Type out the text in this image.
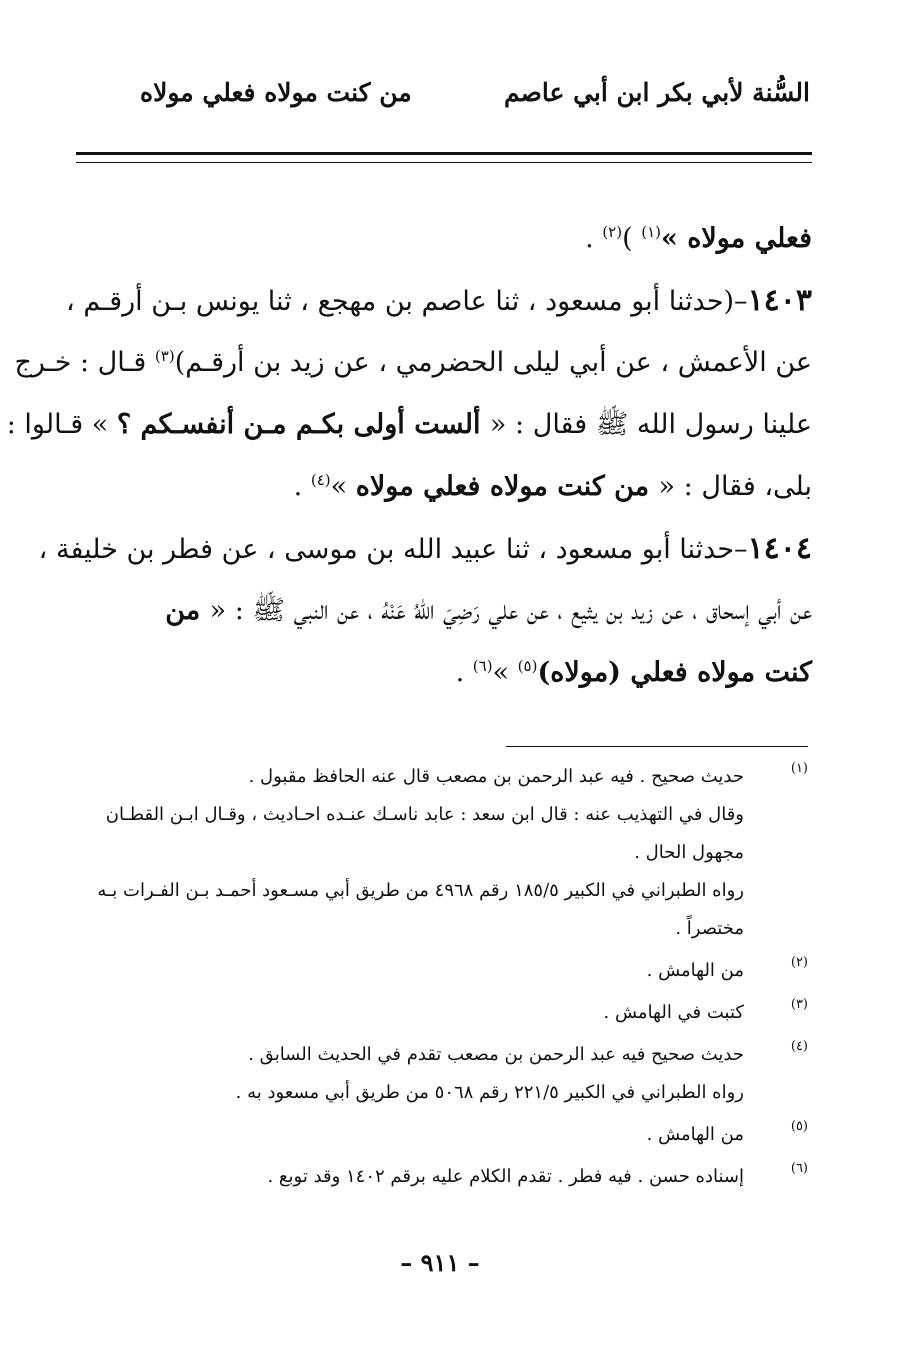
السُّنة لأبي بكر ابن أبي عاصم
من كنت مولاه فعلي مولاه
فعلي مولاه »$^{(١)}$ )$^{(٢)}$ .
١٤٠٣–(حدثنا أبو مسعود ، ثنا عاصم بن مهجع ، ثنا يونس بـن أرقـم ،
عن الأعمش ، عن أبي ليلى الحضرمي ، عن زيد بن أرقـم)$^{(٣)}$ قـال : خـرج
علينا رسول الله ﷺ فقال : « ألست أولى بكـم مـن أنفسـكم ؟ » قـالوا :
بلى، فقال : « من كنت مولاه فعلي مولاه »$^{(٤)}$ .
١٤٠٤–حدثنا أبو مسعود ، ثنا عبيد الله بن موسى ، عن فطر بن خليفة ،
عن أبي إسحاق ، عن زيد بن يثيع ، عن علي رَضِيَ اللهُ عَنْهُ ، عن النبي ﷺ : « من
كنت مولاه فعلي (مولاه)$^{(٥)}$ »$^{(٦)}$ .
(١)
حديث صحيح . فيه عبد الرحمن بن مصعب قال عنه الحافظ مقبول .
وقال في التهذيب عنه : قال ابن سعد : عابد ناسـك عنـده احـاديث ، وقـال ابـن القطـان
مجهول الحال .
رواه الطبراني في الكبير ١٨٥/٥ رقم ٤٩٦٨ من طريق أبي مسـعود أحمـد بـن الفـرات بـه
مختصراً .
(٢)
من الهامش .
(٣)
كتبت في الهامش .
(٤)
حديث صحيح فيه عبد الرحمن بن مصعب تقدم في الحديث السابق .
رواه الطبراني في الكبير ٢٢١/٥ رقم ٥٠٦٨ من طريق أبي مسعود به .
(٥)
من الهامش .
(٦)
إسناده حسن . فيه فطر . تقدم الكلام عليه برقم ١٤٠٢ وقد توبع .
– ٩١١ –
